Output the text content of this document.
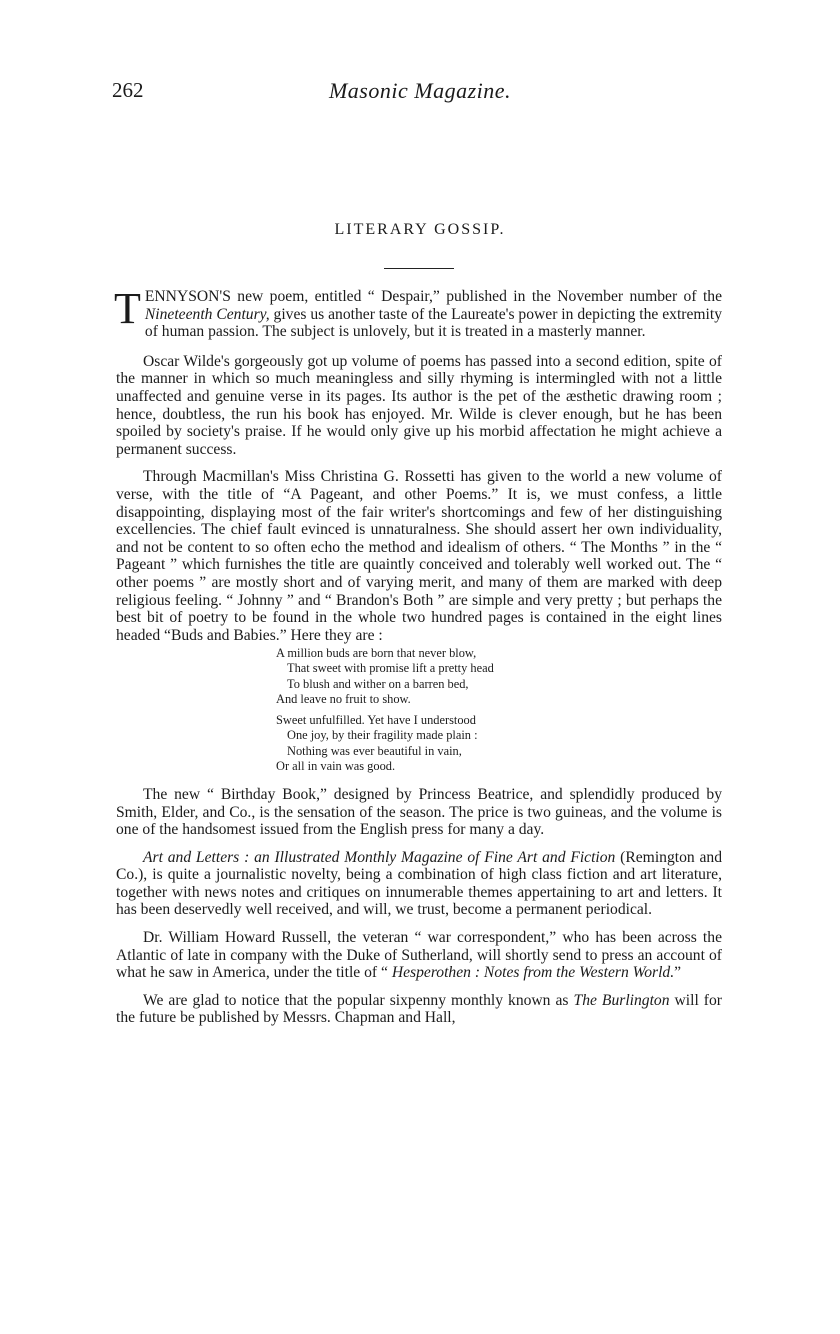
262	Masonic Magazine.
LITERARY GOSSIP.

TENNYSON'S new poem, entitled “ Despair,” published in the November number of the Nineteenth Century, gives us another taste of the Laureate's power in depicting the extremity of human passion. The subject is unlovely, but it is treated in a masterly manner.

Oscar Wilde's gorgeously got up volume of poems has passed into a second edition, spite of the manner in which so much meaningless and silly rhyming is intermingled with not a little unaffected and genuine verse in its pages. Its author is the pet of the æsthetic drawing room ; hence, doubtless, the run his book has enjoyed. Mr. Wilde is clever enough, but he has been spoiled by society's praise. If he would only give up his morbid affectation he might achieve a permanent success.

Through Macmillan's Miss Christina G. Rossetti has given to the world a new volume of verse, with the title of “A Pageant, and other Poems.” It is, we must confess, a little disappointing, displaying most of the fair writer's shortcomings and few of her distinguishing excellencies. The chief fault evinced is unnaturalness. She should assert her own individuality, and not be content to so often echo the method and idealism of others. “ The Months ” in the “ Pageant ” which furnishes the title are quaintly conceived and tolerably well worked out. The “ other poems ” are mostly short and of varying merit, and many of them are marked with deep religious feeling. “ Johnny ” and “ Brandon's Both ” are simple and very pretty ; but perhaps the best bit of poetry to be found in the whole two hundred pages is contained in the eight lines headed “Buds and Babies.” Here they are :

A million buds are born that never blow,
That sweet with promise lift a pretty head
To blush and wither on a barren bed,
And leave no fruit to show.
Sweet unfulfilled. Yet have I understood
One joy, by their fragility made plain :
Nothing was ever beautiful in vain,
Or all in vain was good.

The new “ Birthday Book,” designed by Princess Beatrice, and splendidly produced by Smith, Elder, and Co., is the sensation of the season. The price is two guineas, and the volume is one of the handsomest issued from the English press for many a day.

Art and Letters : an Illustrated Monthly Magazine of Fine Art and Fiction (Remington and Co.), is quite a journalistic novelty, being a combination of high class fiction and art literature, together with news notes and critiques on innumerable themes appertaining to art and letters. It has been deservedly well received, and will, we trust, become a permanent periodical.

Dr. William Howard Russell, the veteran “ war correspondent,” who has been across the Atlantic of late in company with the Duke of Sutherland, will shortly send to press an account of what he saw in America, under the title of “ Hesperothen : Notes from the Western World.”

We are glad to notice that the popular sixpenny monthly known as The Burlington will for the future be published by Messrs. Chapman and Hall,
